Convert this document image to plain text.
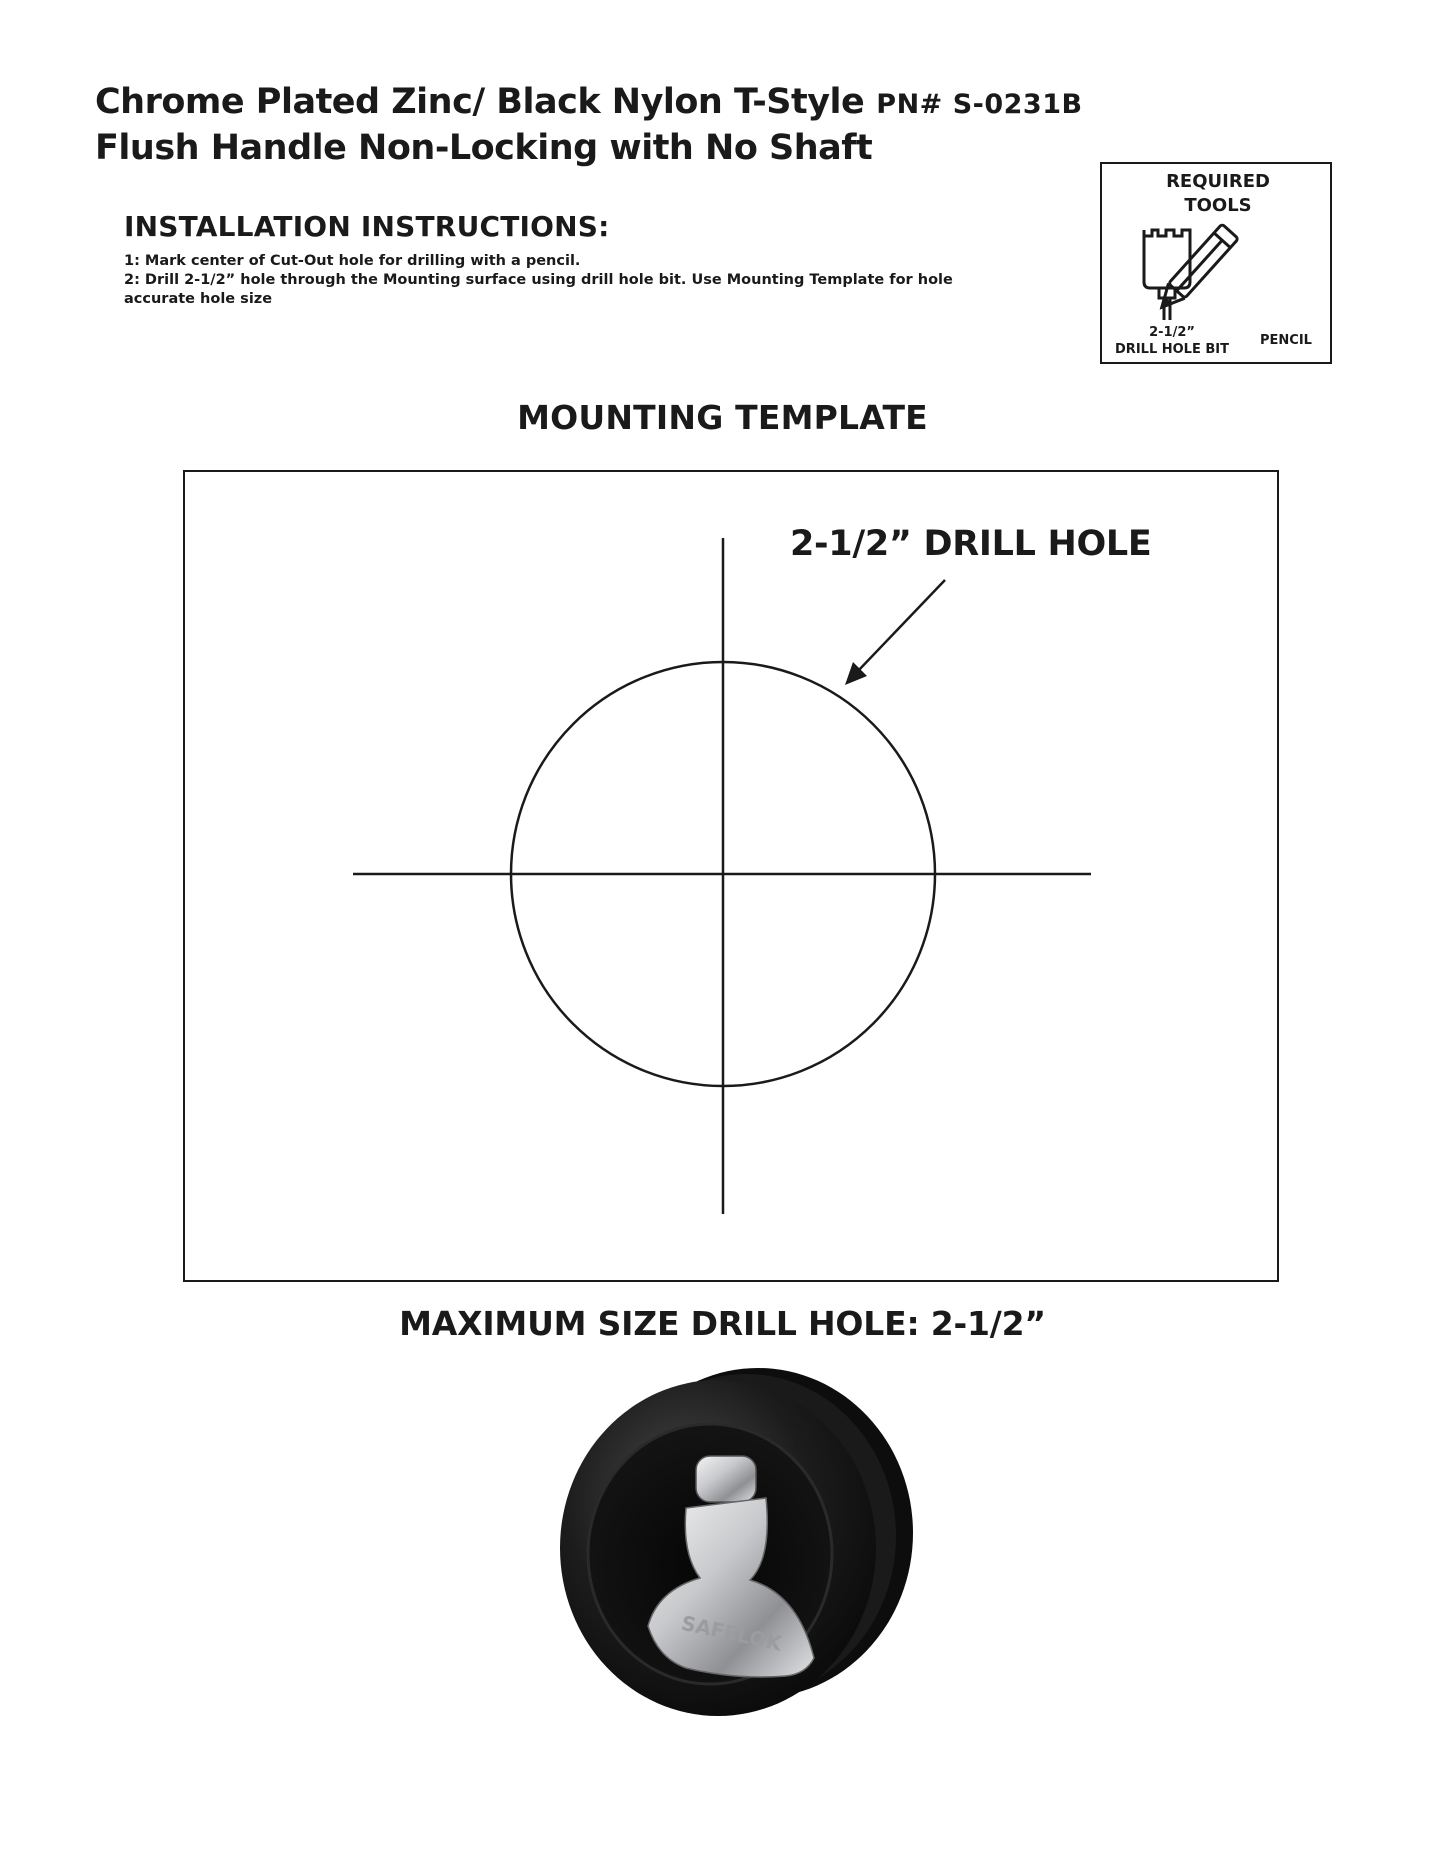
Chrome Plated Zinc/ Black Nylon T-Style PN# S-0231B
Flush Handle Non-Locking with No Shaft
INSTALLATION INSTRUCTIONS:
1: Mark center of Cut-Out hole for drilling with a pencil.
2: Drill 2-1/2” hole through the Mounting surface using drill hole bit. Use Mounting Template for hole accurate hole size
REQUIRED TOOLS
2-1/2”
DRILL HOLE BIT
PENCIL
MOUNTING TEMPLATE
2-1/2” DRILL HOLE
MAXIMUM SIZE DRILL HOLE: 2-1/2”
SAFELOK
